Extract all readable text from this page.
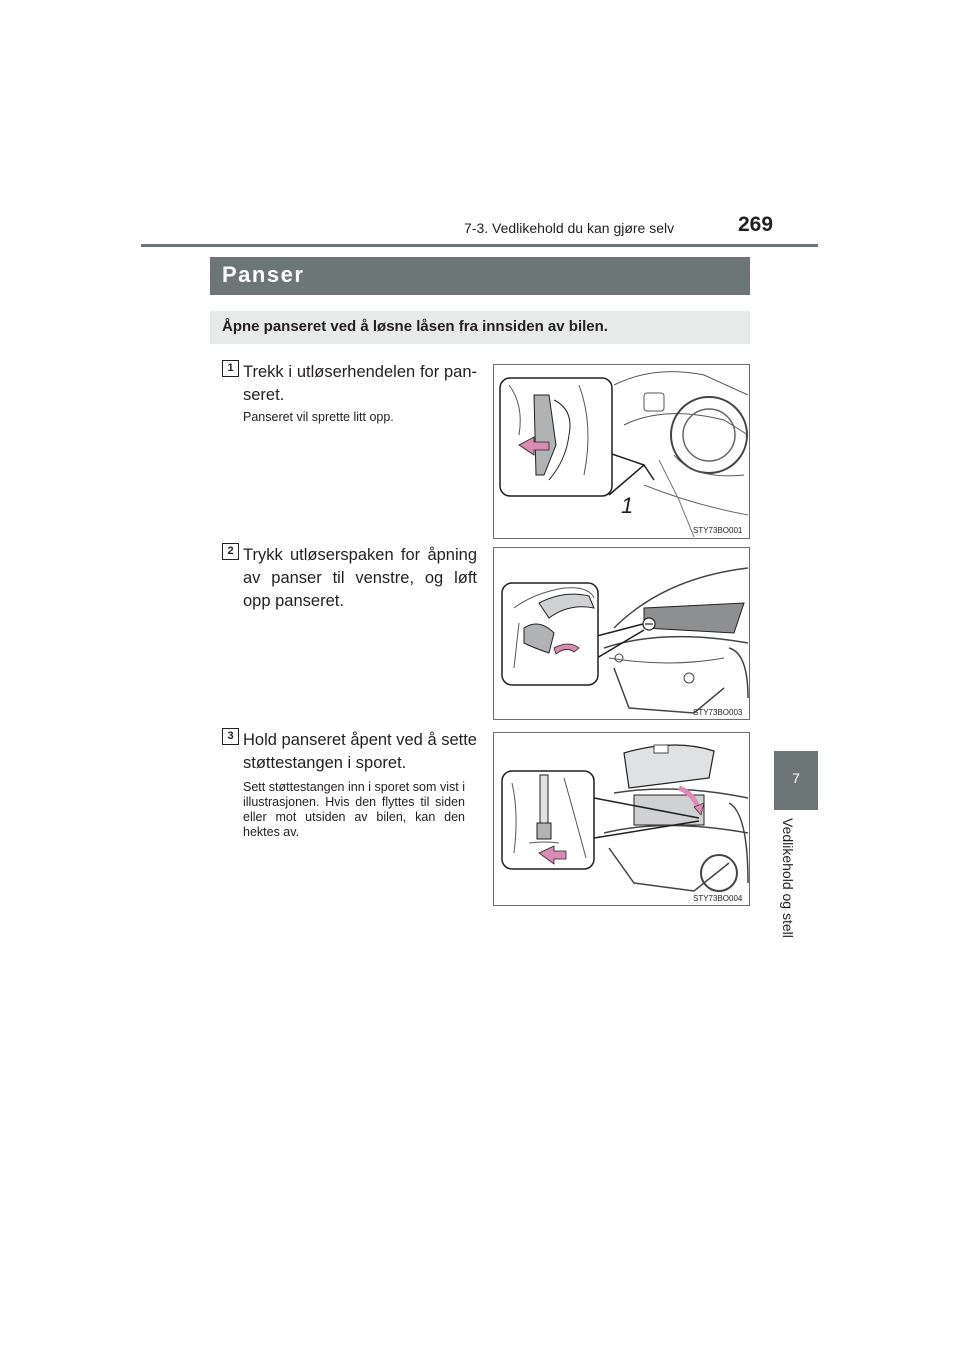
7-3. Vedlikehold du kan gjøre selv	269
7
Vedlikehold og stell
Panser
Åpne panseret ved å løsne låsen fra innsiden av bilen.
1 Trekk i utløserhendelen for pan-seret.
Panseret vil sprette litt opp.
1
STY73BO001
2 Trykk utløserspaken for åpning av panser til venstre, og løft opp panseret.
STY73BO003
3 Hold panseret åpent ved å sette støttestangen i sporet.
Sett støttestangen inn i sporet som vist i illustrasjonen. Hvis den flyttes til siden eller mot utsiden av bilen, kan den hektes av.
STY73BO004
